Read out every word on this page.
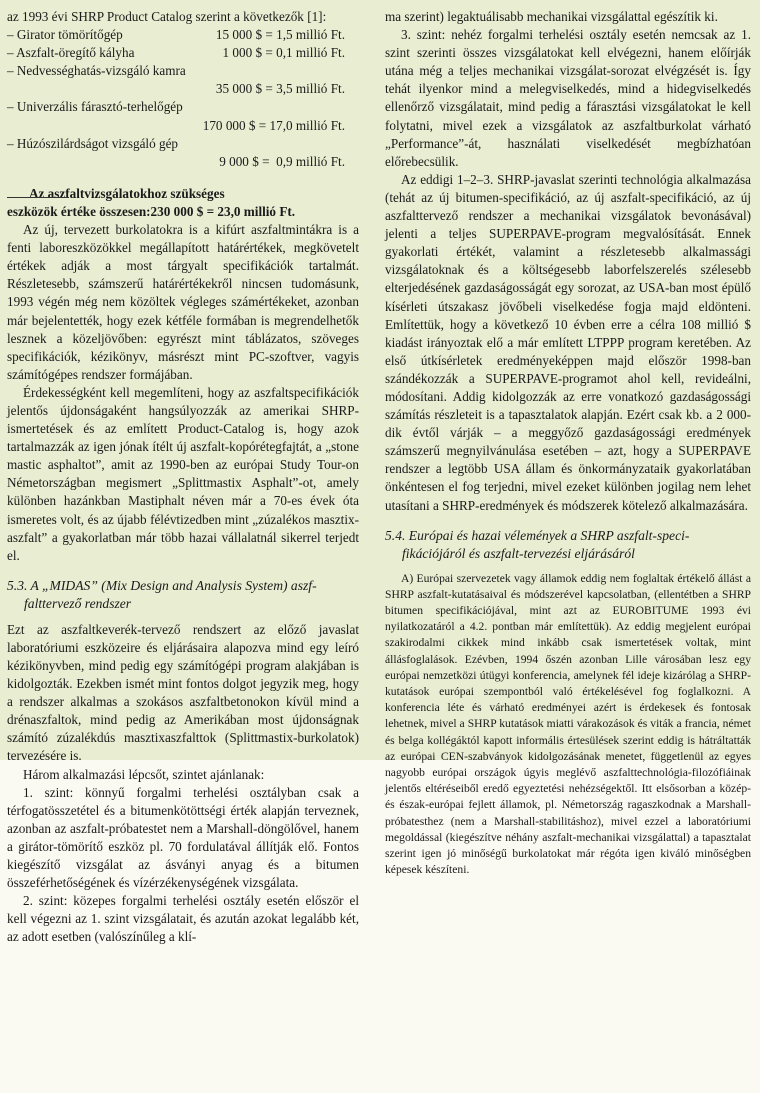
az 1993 évi SHRP Product Catalog szerint a következők [1]:

– Girator tömörítőgép	15 000 $ =
1,5 millió Ft.
– Aszfalt-öregítő kályha	1 000 $ =
0,1 millió Ft.
– Nedvességhatás-vizsgáló kamra
35 000 $ = 3,5 millió Ft.
– Univerzális fárasztó-terhelőgép
170 000 $ = 17,0 millió Ft.
– Húzószilárdságot vizsgáló gép
9 000 $ =  0,9 millió Ft.
Az aszfaltvizsgálatokhoz szükséges
eszközök értéke összesen:230 000 $ = 23,0 millió Ft.

Az új, tervezett burkolatokra is a kifúrt aszfaltmintákra is a fenti laboreszközökkel megállapított határértékek, megkövetelt értékek adják a most tárgyalt specifikációk tartalmát. Részletesebb, számszerű határértékekről nincsen tudomásunk, 1993 végén még nem közöltek végleges számértékeket, azonban már bejelentették, hogy ezek kétféle formában is megrendelhetők lesznek a közeljövőben: egyrészt mint táblázatos, szöveges specifikációk, kézikönyv, másrészt mint PC-szoftver, vagyis számítógépes rendszer formájában.

Érdekességként kell megemlíteni, hogy az aszfaltspecifikációk jelentős újdonságaként hangsúlyozzák az amerikai SHRP-ismertetések és az említett Product-Catalog is, hogy azok tartalmazzák az igen jónak ítélt új aszfalt-kopórétegfajtát, a „stone mastic asphaltot”, amit az 1990-ben az európai Study Tour-on Németországban megismert „Splittmastix Asphalt”-ot, amely különben hazánkban Mastiphalt néven már a 70-es évek óta ismeretes volt, és az újabb félévtizedben mint „zúzalékos masztix-aszfalt” a gyakorlatban már több hazai vállalatnál sikerrel terjedt el.

5.3. A „MIDAS” (Mix Design and Analysis System) aszf-
falttervező rendszer

Ezt az aszfaltkeverék-tervező rendszert az előző javaslat laboratóriumi eszközeire és eljárásaira alapozva mind egy leíró kézikönyvben, mind pedig egy számítógépi program alakjában is kidolgozták. Ezekben ismét mint fontos dolgot jegyzik meg, hogy a rendszer alkalmas a szokásos aszfaltbetonokon kívül mind a drénaszfaltok, mind pedig az Amerikában most újdonságnak számító zúzalékdús masztixaszfalttok (Splittmastix-burkolatok) tervezésére is.

Három alkalmazási lépcsőt, szintet ajánlanak:

1. szint: könnyű forgalmi terhelési osztályban csak a térfogatösszetétel és a bitumenkötöttségi érték alapján terveznek, azonban az aszfalt-próbatestet nem a Marshall-döngölővel, hanem a girátor-tömörítő eszköz pl. 70 fordulatával állítják elő. Fontos kiegészítő vizsgálat az ásványi anyag és a bitumen összeférhetőségének és vízérzékenységének vizsgálata.

2. szint: közepes forgalmi terhelési osztály esetén először el kell végezni az 1. szint vizsgálatait, és azután azokat legalább két, az adott esetben (valószínűleg a klí-

ma szerint) legaktuálisabb mechanikai vizsgálattal egészítik ki.

3. szint: nehéz forgalmi terhelési osztály esetén nemcsak az 1. szint szerinti összes vizsgálatokat kell elvégezni, hanem előírják utána még a teljes mechanikai vizsgálat-sorozat elvégzését is. Így tehát ilyenkor mind a melegviselkedés, mind a hidegviselkedés ellenőrző vizsgálatait, mind pedig a fárasztási vizsgálatokat le kell folytatni, mivel ezek a vizsgálatok az aszfaltburkolat várható „Performance”-át, használati viselkedését megbízhatóan előrebecsülik.

Az eddigi 1–2–3. SHRP-javaslat szerinti technológia alkalmazása (tehát az új bitumen-specifikáció, az új aszfalt-specifikáció, az új aszfalttervező rendszer a mechanikai vizsgálatok bevonásával) jelenti a teljes SUPERPAVE-program megvalósítását. Ennek gyakorlati értékét, valamint a részletesebb alkalmassági vizsgálatoknak és a költségesebb laborfelszerelés szélesebb elterjedésének gazdaságosságát egy sorozat, az USA-ban most épülő kísérleti útszakasz jövőbeli viselkedése fogja majd eldönteni. Említettük, hogy a következő 10 évben erre a célra 108 millió $ kiadást irányoztak elő a már említett LTPPP program keretében. Az első útkísérletek eredményeképpen majd először 1998-ban szándékozzák a SUPERPAVE-programot ahol kell, revideálni, módosítani. Addig kidolgozzák az erre vonatkozó gazdaságossági számítás részleteit is a tapasztalatok alapján. Ezért csak kb. a 2 000-dik évtől várják – a meggyőző gazdaságossági eredmények számszerű megnyilvánulása esetében – azt, hogy a SUPERPAVE rendszer a legtöbb USA állam és önkormányzataik gyakorlatában önkéntesen el fog terjedni, mivel ezeket különben jogilag nem lehet utasítani a SHRP-eredmények és módszerek kötelező alkalmazására.

5.4. Európai és hazai vélemények a SHRP aszfalt-speci-
fikációjáról és aszfalt-tervezési eljárásáról

A) Európai szervezetek vagy államok eddig nem foglaltak értékelő állást a SHRP aszfalt-kutatásaival és módszerével kapcsolatban, (ellentétben a SHRP bitumen specifikációjával, mint azt az EUROBITUME 1993 évi nyilatkozatáról a 4.2. pontban már említettük). Az eddig megjelent európai szakirodalmi cikkek mind inkább csak ismertetések voltak, mint állásfoglalások. Ezévben, 1994 őszén azonban Lille városában lesz egy európai nemzetközi útügyi konferencia, amelynek fél ideje kizárólag a SHRP-kutatások európai szempontból való értékelésével fog foglalkozni. A konferencia léte és várható eredményei azért is érdekesek és fontosak lehetnek, mivel a SHRP kutatások miatti várakozások és viták a francia, német és belga kollégáktól kapott informális értesülések szerint eddig is hátráltatták az európai CEN-szabványok kidolgozásának menetet, függetlenül az egyes nagyobb európai országok úgyis meglévő aszfalttechnológia-filozófiáinak jelentős eltéréseiből eredő egyeztetési nehézségektől. Itt elsősorban a közép- és észak-európai fejlett államok, pl. Németország ragaszkodnak a Marshall-próbatesthez (nem a Marshall-stabilitáshoz), mivel ezzel a laboratóriumi megoldással (kiegészítve néhány aszfalt-mechanikai vizsgálattal) a tapasztalat szerint igen jó minőségű burkolatokat már régóta igen kiváló minőségben képesek készíteni.
